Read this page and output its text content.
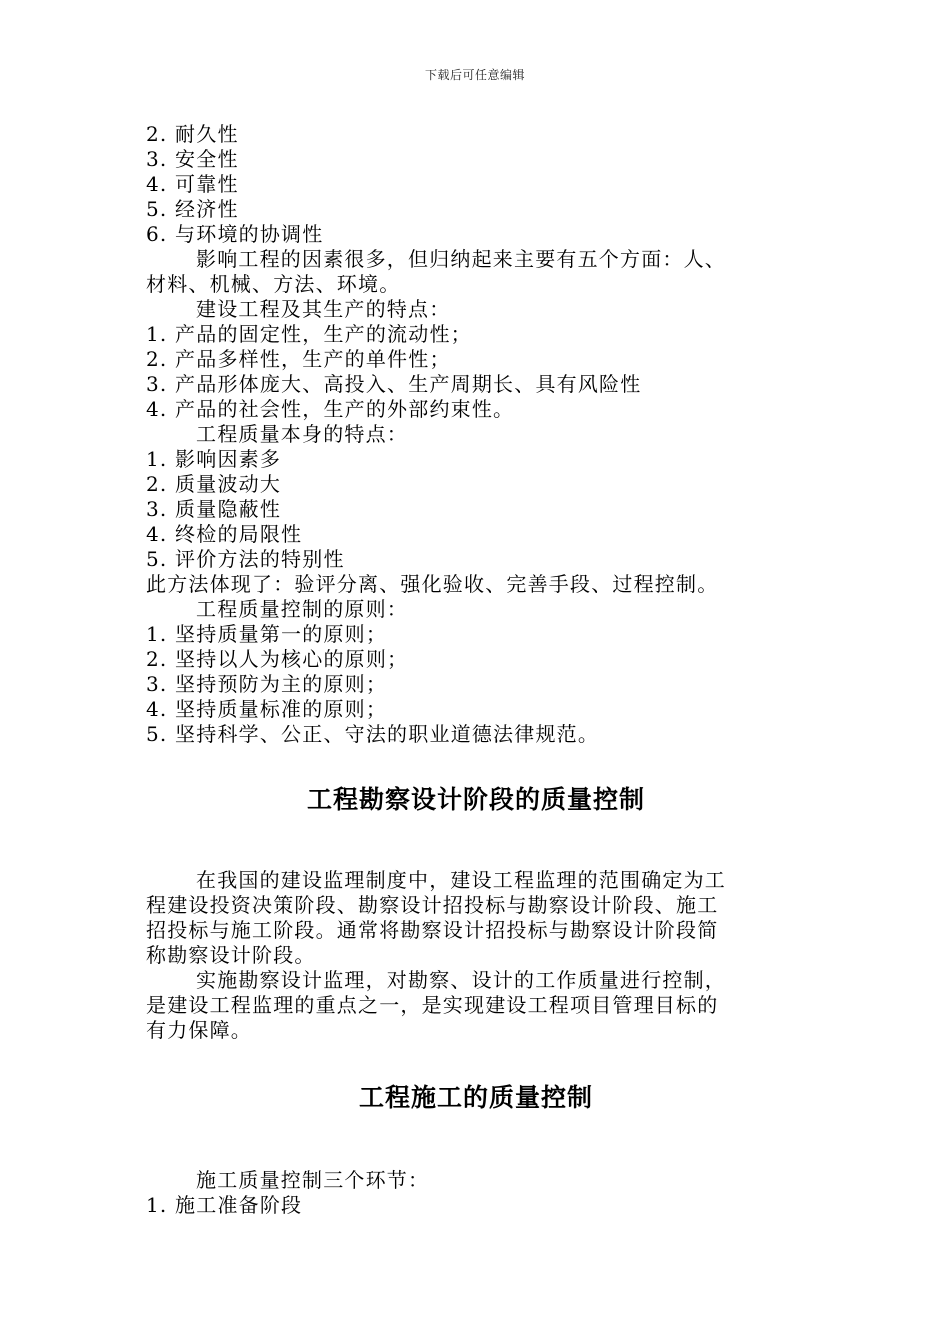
下载后可任意编辑
2. 耐久性
3. 安全性
4. 可靠性
5. 经济性
6. 与环境的协调性
影响工程的因素很多，但归纳起来主要有五个方面：人、
材料、机械、方法、环境。
建设工程及其生产的特点：
1. 产品的固定性，生产的流动性；
2. 产品多样性，生产的单件性；
3. 产品形体庞大、高投入、生产周期长、具有风险性
4. 产品的社会性，生产的外部约束性。
工程质量本身的特点：
1. 影响因素多
2. 质量波动大
3. 质量隐蔽性
4. 终检的局限性
5. 评价方法的特别性
此方法体现了：验评分离、强化验收、完善手段、过程控制。
工程质量控制的原则：
1. 坚持质量第一的原则；
2. 坚持以人为核心的原则；
3. 坚持预防为主的原则；
4. 坚持质量标准的原则；
5. 坚持科学、公正、守法的职业道德法律规范。
工程勘察设计阶段的质量控制
在我国的建设监理制度中，建设工程监理的范围确定为工
程建设投资决策阶段、勘察设计招投标与勘察设计阶段、施工
招投标与施工阶段。通常将勘察设计招投标与勘察设计阶段简
称勘察设计阶段。
实施勘察设计监理，对勘察、设计的工作质量进行控制，
是建设工程监理的重点之一，是实现建设工程项目管理目标的
有力保障。
工程施工的质量控制
施工质量控制三个环节：
1. 施工准备阶段
